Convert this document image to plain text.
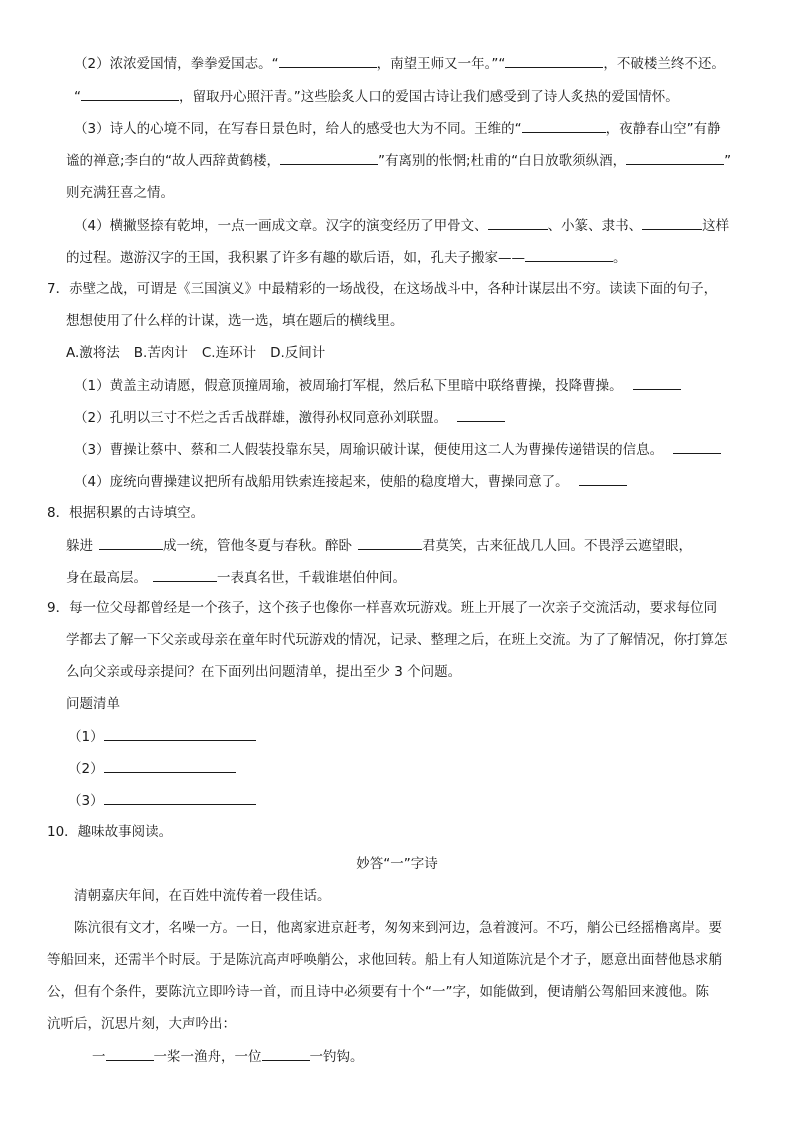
（2）浓浓爱国情，拳拳爱国志。“	，南望王师又一年。”“	，不破楼兰终不还。
“	，留取丹心照汗青。”这些脍炙人口的爱国古诗让我们感受到了诗人炙热的爱国情怀。
（3）诗人的心境不同，在写春日景色时，给人的感受也大为不同。王维的“	，夜静春山空”有静
谧的禅意;李白的“故人西辞黄鹤楼，	”有离别的怅惘;杜甫的“白日放歌须纵酒，	”
则充满狂喜之情。
（4）横撇竖捺有乾坤，一点一画成文章。汉字的演变经历了甲骨文、	、小篆、隶书、	这样
的过程。遨游汉字的王国，我积累了许多有趣的歇后语，如，孔夫子搬家——	。
7．赤壁之战，可谓是《三国演义》中最精彩的一场战役，在这场战斗中，各种计谋层出不穷。读读下面的句子，
想想使用了什么样的计谋，选一选，填在题后的横线里。
A.激将法 B.苦肉计 C.连环计 D.反间计
（1）黄盖主动请愿，假意顶撞周瑜，被周瑜打军棍，然后私下里暗中联络曹操，投降曹操。
（2）孔明以三寸不烂之舌舌战群雄，激得孙权同意孙刘联盟。
（3）曹操让蔡中、蔡和二人假装投靠东吴，周瑜识破计谋，便使用这二人为曹操传递错误的信息。
（4）庞统向曹操建议把所有战船用铁索连接起来，使船的稳度增大，曹操同意了。
8．根据积累的古诗填空。
躲进	成一统，管他冬夏与春秋。醉卧	君莫笑，古来征战几人回。不畏浮云遮望眼，
身在最高层。	一表真名世，千载谁堪伯仲间。
9．每一位父母都曾经是一个孩子，这个孩子也像你一样喜欢玩游戏。班上开展了一次亲子交流活动，要求每位同
学都去了解一下父亲或母亲在童年时代玩游戏的情况，记录、整理之后，在班上交流。为了了解情况，你打算怎
么向父亲或母亲提问？在下面列出问题清单，提出至少 3 个问题。
问题清单
（1）
（2）
（3）
10．趣味故事阅读。
妙答“一”字诗
清朝嘉庆年间，在百姓中流传着一段佳话。
陈沆很有文才，名噪一方。一日，他离家进京赶考，匆匆来到河边，急着渡河。不巧，艄公已经摇橹离岸。要
等船回来，还需半个时辰。于是陈沆高声呼唤艄公，求他回转。船上有人知道陈沆是个才子，愿意出面替他恳求艄
公，但有个条件，要陈沆立即吟诗一首，而且诗中必须要有十个“一”字，如能做到，便请艄公驾船回来渡他。陈
沆听后，沉思片刻，大声吟出：
一	一桨一渔舟，一位	一钓钩。
